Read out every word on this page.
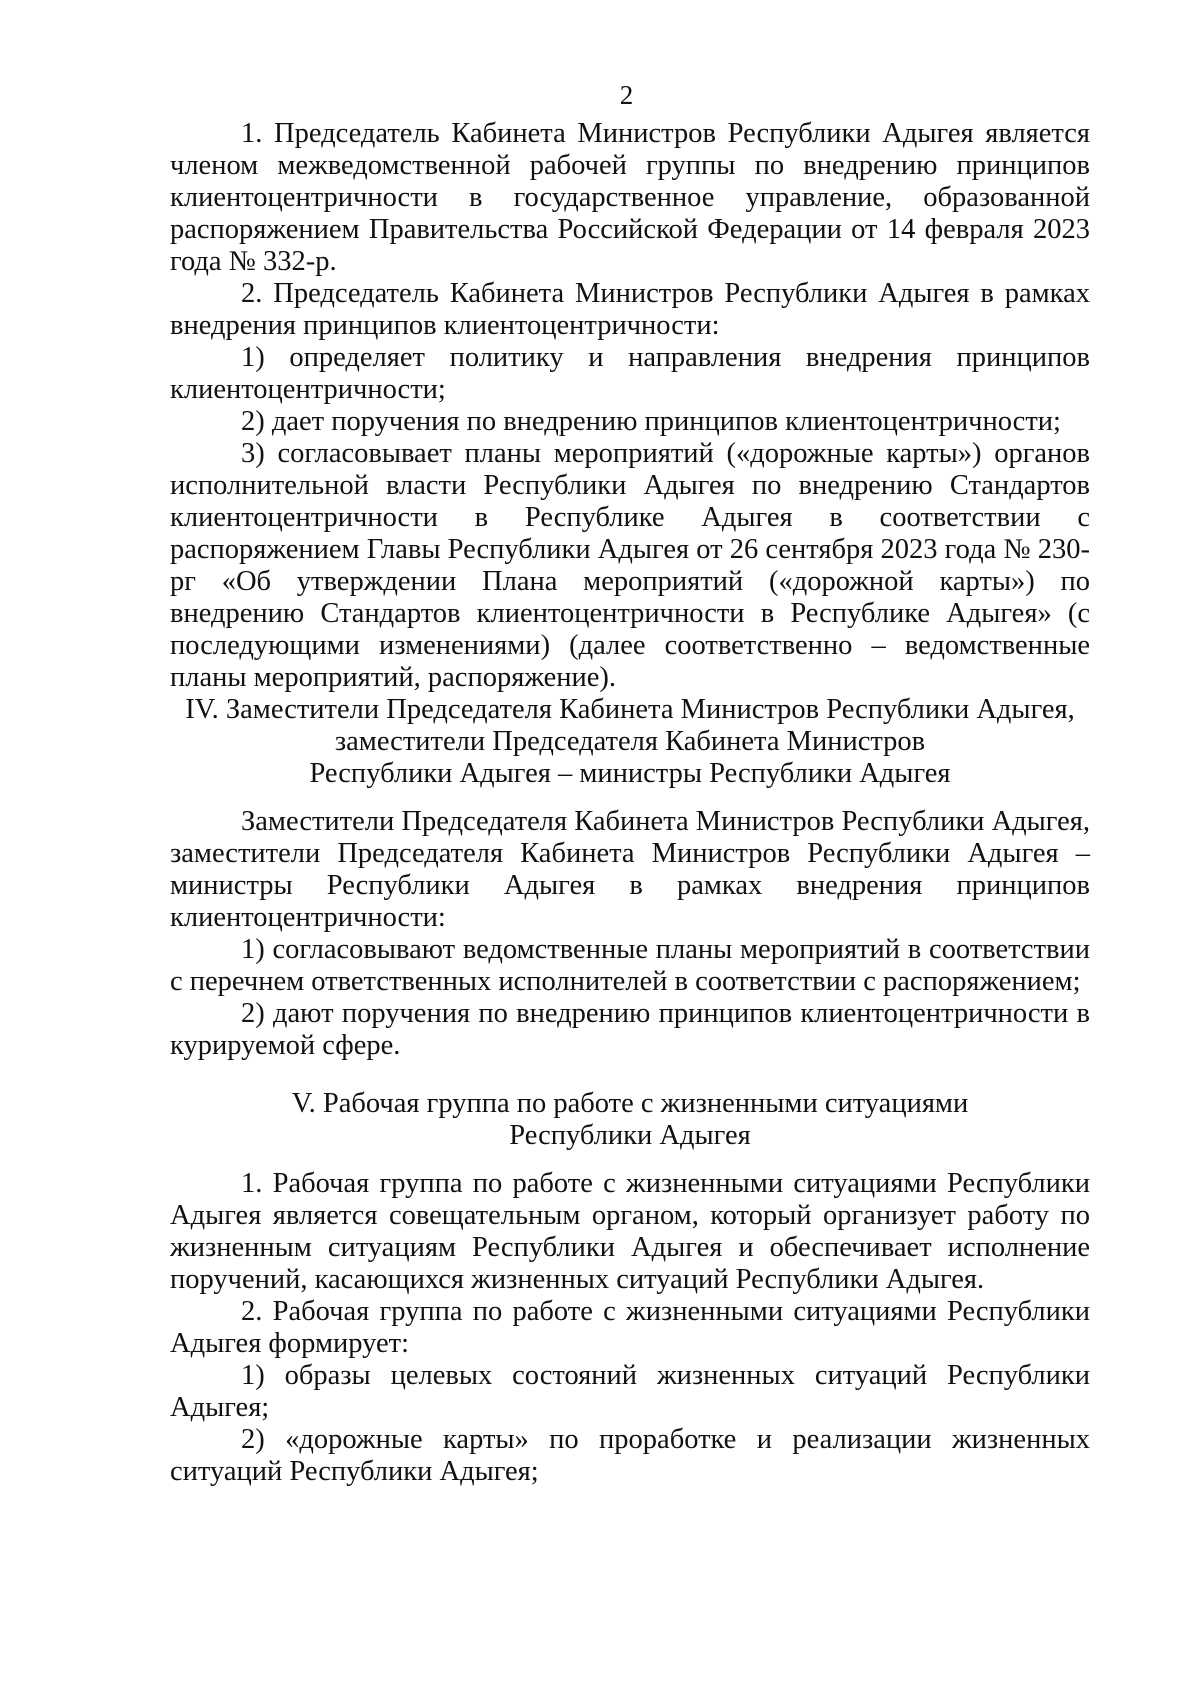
2

1. Председатель Кабинета Министров Республики Адыгея является членом межведомственной рабочей группы по внедрению принципов клиентоцентричности в государственное управление, образованной распоряжением Правительства Российской Федерации от 14 февраля 2023 года № 332-р.

2. Председатель Кабинета Министров Республики Адыгея в рамках внедрения принципов клиентоцентричности:

1) определяет политику и направления внедрения принципов клиентоцентричности;

2) дает поручения по внедрению принципов клиентоцентричности;

3) согласовывает планы мероприятий («дорожные карты») органов исполнительной власти Республики Адыгея по внедрению Стандартов клиентоцентричности в Республике Адыгея в соответствии с распоряжением Главы Республики Адыгея от 26 сентября 2023 года № 230-рг «Об утверждении Плана мероприятий («дорожной карты») по внедрению Стандартов клиентоцентричности в Республике Адыгея» (с последующими изменениями) (далее соответственно – ведомственные планы мероприятий, распоряжение).

IV. Заместители Председателя Кабинета Министров Республики Адыгея,

заместители Председателя Кабинета Министров

Республики Адыгея – министры Республики Адыгея

Заместители Председателя Кабинета Министров Республики Адыгея, заместители Председателя Кабинета Министров Республики Адыгея – министры Республики Адыгея в рамках внедрения принципов клиентоцентричности:

1) согласовывают ведомственные планы мероприятий в соответствии с перечнем ответственных исполнителей в соответствии с распоряжением;

2) дают поручения по внедрению принципов клиентоцентричности в курируемой сфере.

V. Рабочая группа по работе с жизненными ситуациями

Республики Адыгея

1. Рабочая группа по работе с жизненными ситуациями Республики Адыгея является совещательным органом, который организует работу по жизненным ситуациям Республики Адыгея и обеспечивает исполнение поручений, касающихся жизненных ситуаций Республики Адыгея.

2. Рабочая группа по работе с жизненными ситуациями Республики Адыгея формирует:

1) образы целевых состояний жизненных ситуаций Республики Адыгея;

2) «дорожные карты» по проработке и реализации жизненных ситуаций Республики Адыгея;
